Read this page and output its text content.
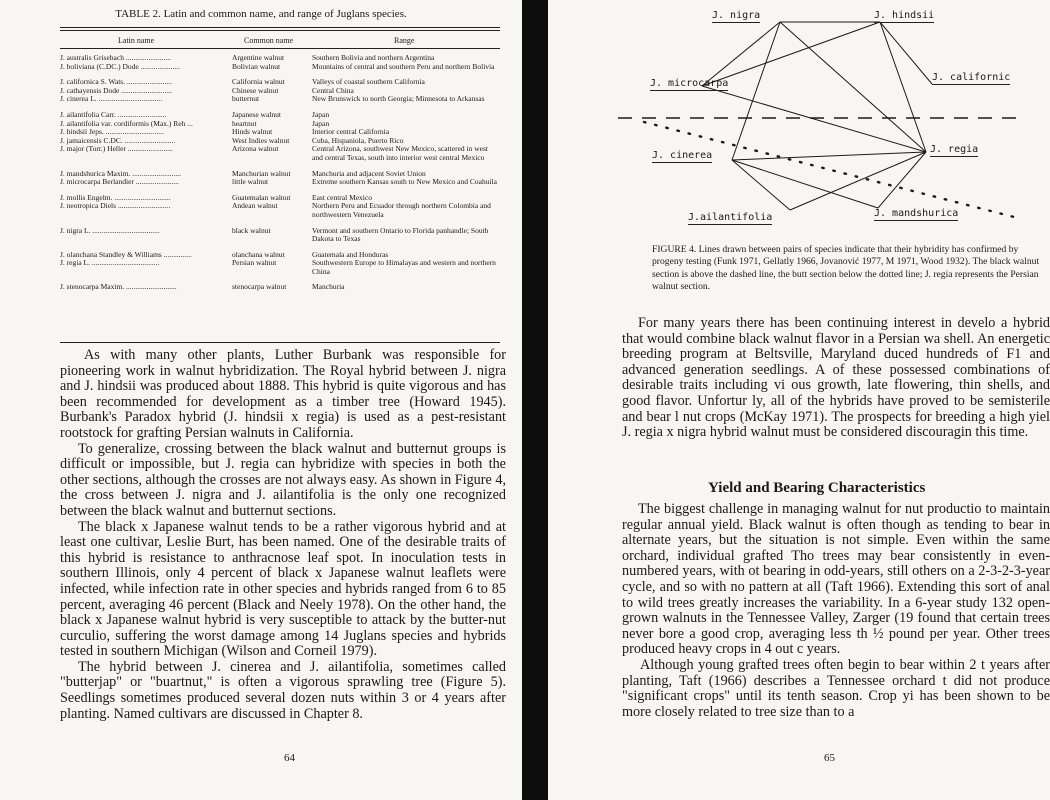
TABLE 2. Latin and common name, and range of Juglans species.
Latin name	Common name	Range
J. australis Grisebach ........................	Argentine walnut	Southern Bolivia and northern Argentina
J. boliviana (C.DC.) Dode .....................	Bolivian walnut	Mountains of central and southern Peru and northern Bolivia
J. californica S. Wats. ........................	California walnut	Valleys of coastal southern California
J. cathayensis Dode ...........................	Chinese walnut	Central China
J. cinerea L. ..................................	butternut	New Brunswick to north Georgia; Minnesota to Arkansas
J. ailantifolia Carr. ..........................	Japanese walnut	Japan
J. ailantifolia var. cordiformis (Max.) Reh ...	heartnut	Japan
J. hindsii Jeps. ...............................	Hinds walnut	Interior central California
J. jamaicensis C.DC. ...........................	West Indies walnut	Cuba, Hispaniola, Puerto Rico
J. major (Torr.) Heller ........................	Arizona walnut	Central Arizona, southwest New Mexico, scattered in west and central Texas, south into interior west central Mexico
J. mandshurica Maxim. ..........................	Manchurian walnut	Manchuria and adjacent Soviet Union
J. microcarpa Berlandier .......................	little walnut	Extreme southern Kansas south to New Mexico and Coahuila
J. mollis Engelm. ..............................	Guatemalan walnut	East central Mexico
J. neotropica Diels ............................	Andean walnut	Northern Peru and Ecuador through northern Colombia and northwestern Venezuela
J. nigra L. ....................................	black walnut	Vermont and southern Ontario to Florida panhandle; South Dakota to Texas
J. olanchana Standley & Williams ...............	olanchana walnut	Guatemala and Honduras
J. regia L. ....................................	Persian walnut	Southwestern Europe to Himalayas and western and northern China
J. stenocarpa Maxim. ...........................	stenocarpa walnut	Manchuria

As with many other plants, Luther Burbank was responsible for pioneering work in walnut hybridization. The Royal hybrid between J. nigra and J. hindsii was produced about 1888. This hybrid is quite vigorous and has been recommended for development as a timber tree (Howard 1945). Burbank's Paradox hybrid (J. hindsii x regia) is used as a pest-resistant rootstock for grafting Persian walnuts in California.

To generalize, crossing between the black walnut and butternut groups is difficult or impossible, but J. regia can hybridize with species in both the other sections, although the crosses are not always easy. As shown in Figure 4, the cross between J. nigra and J. ailantifolia is the only one recognized between the black walnut and butternut sections.

The black x Japanese walnut tends to be a rather vigorous hybrid and at least one cultivar, Leslie Burt, has been named. One of the desirable traits of this hybrid is resistance to anthracnose leaf spot. In inoculation tests in southern Illinois, only 4 percent of black x Japanese walnut leaflets were infected, while infection rate in other species and hybrids ranged from 6 to 85 percent, averaging 46 percent (Black and Neely 1978). On the other hand, the black x Japanese walnut hybrid is very susceptible to attack by the butter-nut curculio, suffering the worst damage among 14 Juglans species and hybrids tested in southern Michigan (Wilson and Corneil 1979).

The hybrid between J. cinerea and J. ailantifolia, sometimes called "butterjap" or "buartnut," is often a vigorous sprawling tree (Figure 5). Seedlings sometimes produced several dozen nuts within 3 or 4 years after planting. Named cultivars are discussed in Chapter 8.

64
J. nigra	J. hindsii
J. microcarpa
J. californic
J. cinerea
J. regia
J.ailantifolia	J. mandshurica
FIGURE 4. Lines drawn between pairs of species indicate that their hybridity has confirmed by progeny testing (Funk 1971, Gellatly 1966, Jovanović 1977, M 1971, Wood 1932). The black walnut section is above the dashed line, the butt section below the dotted line; J. regia represents the Persian walnut section.

For many years there has been continuing interest in develo a hybrid that would combine black walnut flavor in a Persian wa shell. An energetic breeding program at Beltsville, Maryland duced hundreds of F1 and advanced generation seedlings. A of these possessed combinations of desirable traits including vi ous growth, late flowering, thin shells, and good flavor. Unfortur ly, all of the hybrids have proved to be semisterile and bear l nut crops (McKay 1971). The prospects for breeding a high yiel J. regia x nigra hybrid walnut must be considered discouragin this time.

Yield and Bearing Characteristics

The biggest challenge in managing walnut for nut productio to maintain regular annual yield. Black walnut is often though as tending to bear in alternate years, but the situation is not simple. Even within the same orchard, individual grafted Tho trees may bear consistently in even-numbered years, with ot bearing in odd-years, still others on a 2-3-2-3-year cycle, and so with no pattern at all (Taft 1966). Extending this sort of anal to wild trees greatly increases the variability. In a 6-year study 132 open-grown walnuts in the Tennessee Valley, Zarger (19 found that certain trees never bore a good crop, averaging less th ½ pound per year. Other trees produced heavy crops in 4 out c years.

Although young grafted trees often begin to bear within 2 t years after planting, Taft (1966) describes a Tennessee orchard t did not produce "significant crops" until its tenth season. Crop yi has been shown to be more closely related to tree size than to a

65
